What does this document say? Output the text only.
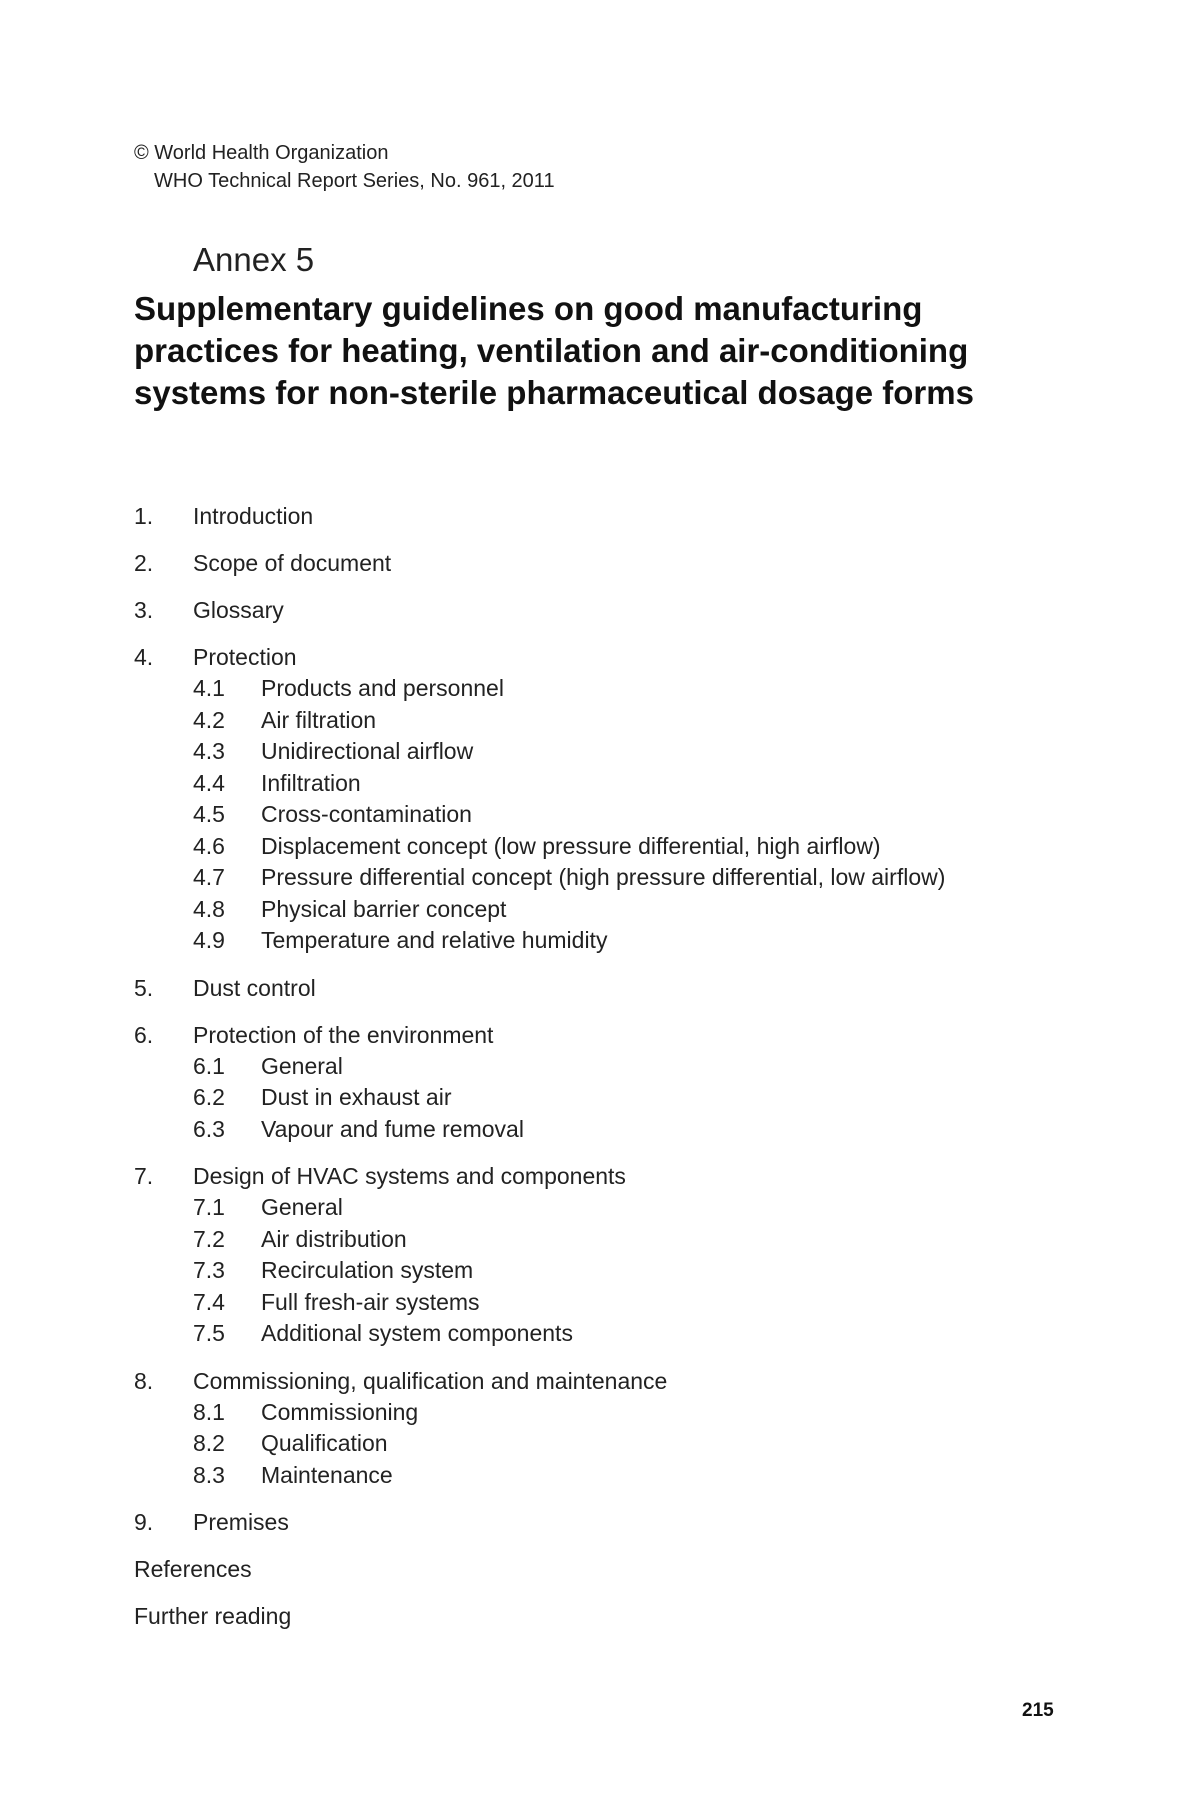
© World Health Organization
WHO Technical Report Series, No. 961, 2011
Annex 5
Supplementary guidelines on good manufacturing practices for heating, ventilation and air-conditioning systems for non-sterile pharmaceutical dosage forms
1.	Introduction
2.	Scope of document
3.	Glossary
4.	Protection
4.1	Products and personnel
4.2	Air filtration
4.3	Unidirectional airflow
4.4	Infiltration
4.5	Cross-contamination
4.6	Displacement concept (low pressure differential, high airflow)
4.7	Pressure differential concept (high pressure differential, low airflow)
4.8	Physical barrier concept
4.9	Temperature and relative humidity
5.	Dust control
6.	Protection of the environment
6.1	General
6.2	Dust in exhaust air
6.3	Vapour and fume removal
7.	Design of HVAC systems and components
7.1	General
7.2	Air distribution
7.3	Recirculation system
7.4	Full fresh-air systems
7.5	Additional system components
8.	Commissioning, qualification and maintenance
8.1	Commissioning
8.2	Qualification
8.3	Maintenance
9.	Premises
References
Further reading
215
